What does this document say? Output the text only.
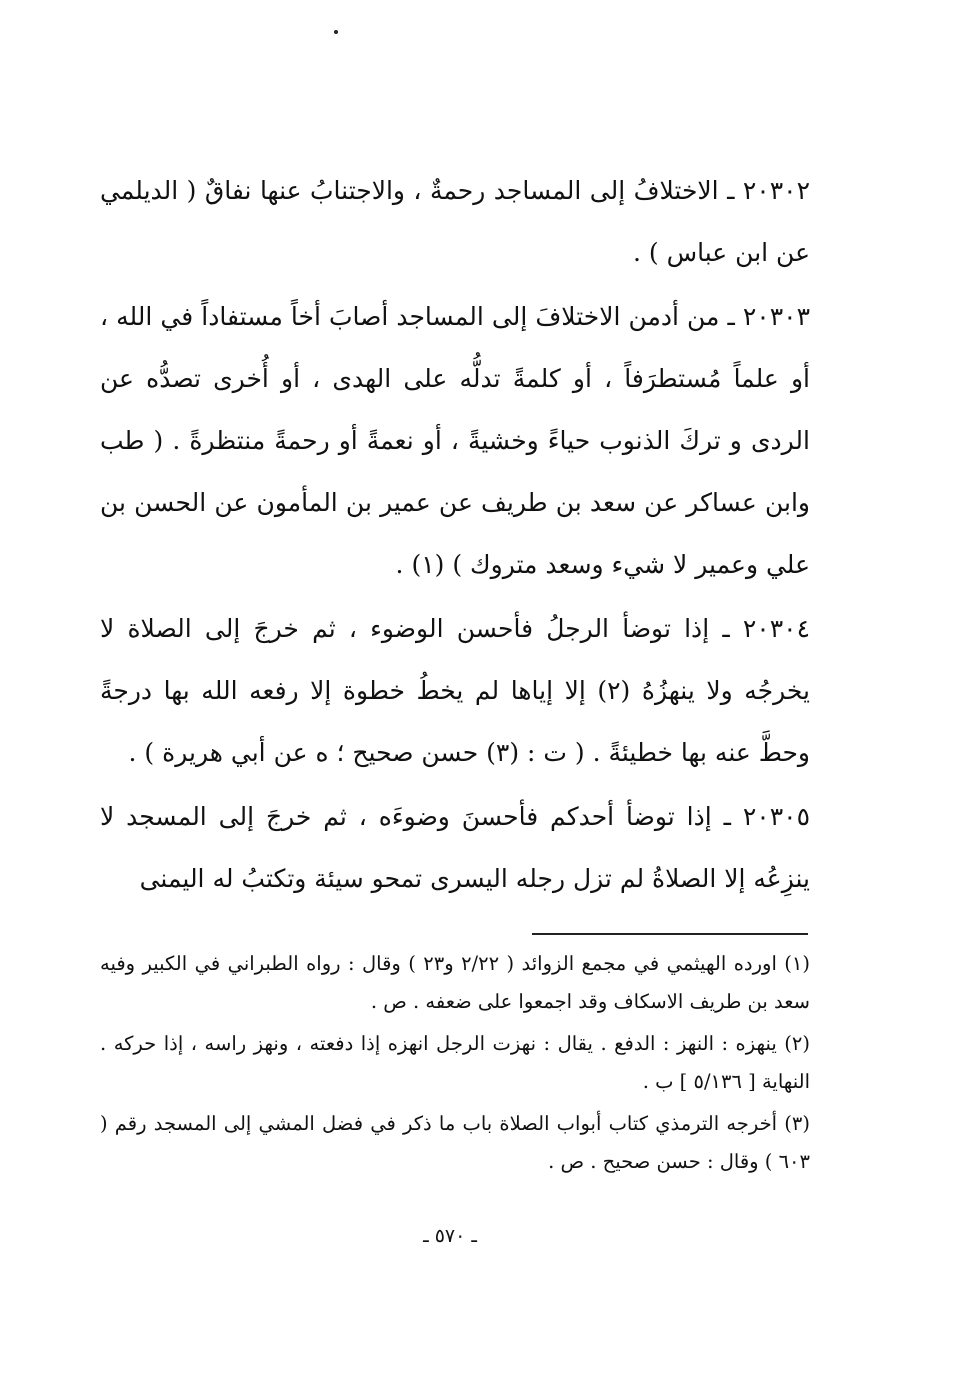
٢٠٣٠٢ ـ الاختلافُ إلى المساجد رحمةٌ ، والاجتنابُ عنها نفاقٌ ( الديلمي عن ابن عباس ) .

٢٠٣٠٣ ـ من أدمن الاختلافَ إلى المساجد أصابَ أخاً مستفاداً في الله ، أو علماً مُستطرَفاً ، أو كلمةً تدلُّه على الهدى ، أو أُخرى تصدُّه عن الردى و تركَ الذنوب حياءً وخشيةً ، أو نعمةً أو رحمةً منتظرةً . ( طب وابن عساكر عن سعد بن طريف عن عمير بن المأمون عن الحسن بن علي وعمير لا شيء وسعد متروك ) (١) .

٢٠٣٠٤ ـ إذا توضأ الرجلُ فأحسن الوضوء ، ثم خرجَ إلى الصلاة لا يخرجُه ولا ينهزُهُ (٢) إلا إياها لم يخطُ خطوة إلا رفعه الله بها درجةً وحطَّ عنه بها خطيئةً . ( ت : (٣) حسن صحيح ؛ ه عن أبي هريرة ) .

٢٠٣٠٥ ـ إذا توضأ أحدكم فأحسنَ وضوءَه ، ثم خرجَ إلى المسجد لا ينزِعُه إلا الصلاةُ لم تزل رجله اليسرى تمحو سيئة وتكتبُ له اليمنى

(١) اورده الهيثمي في مجمع الزوائد ( ٢/٢٢ و٢٣ ) وقال : رواه الطبراني في الكبير وفيه سعد بن طريف الاسكاف وقد اجمعوا على ضعفه . ص .

(٢) ينهزه : النهز : الدفع . يقال : نهزت الرجل انهزه إذا دفعته ، ونهز راسه ، إذا حركه . النهاية [ ٥/١٣٦ ] ب .

(٣) أخرجه الترمذي كتاب أبواب الصلاة باب ما ذكر في فضل المشي إلى المسجد رقم ( ٦٠٣ ) وقال : حسن صحيح . ص .

ـ ٥٧٠ ـ
